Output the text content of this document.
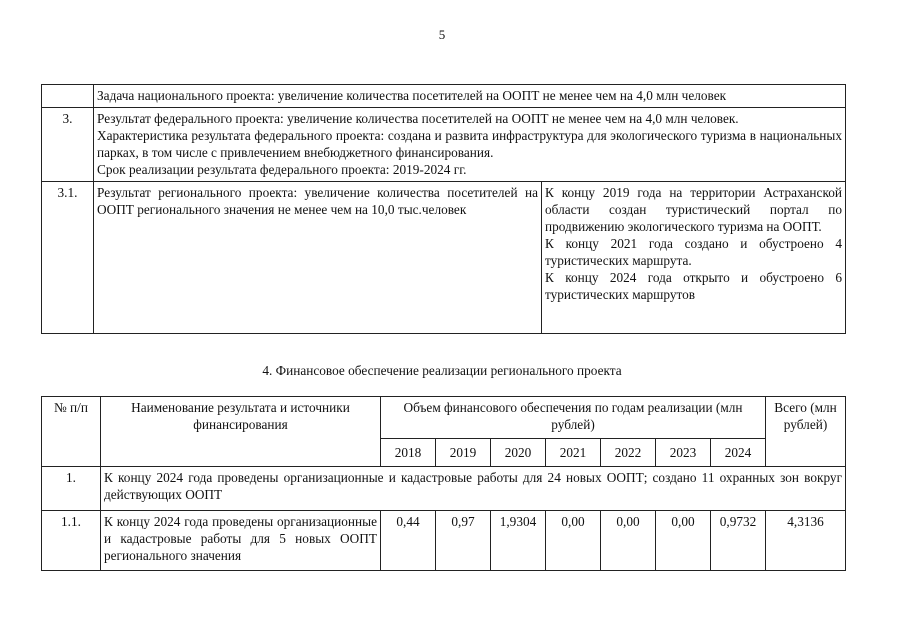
5
	Задача национального проекта: увеличение количества посетителей на ООПТ не менее чем на 4,0 млн человек	
3.	Результат федерального проекта: увеличение количества посетителей на ООПТ не менее чем на 4,0 млн человек.
Характеристика результата федерального проекта: создана и развита инфраструктура для экологического туризма в национальных парках, в том числе с привлечением внебюджетного финансирования.
Срок реализации результата федерального проекта: 2019-2024 гг.	

3.1.	Результат регионального проекта: увеличение количества посетителей на ООПТ регионального значения не менее чем на 10,0 тыс.человек	К концу 2019 года на территории Астраханской области создан туристический портал по продвижению экологического туризма на ООПТ.
К концу 2021 года создано и обустроено 4 туристических маршрута.
К концу 2024 года открыто и обустроено 6 туристических маршрутов
4. Финансовое обеспечение реализации регионального проекта
№ п/п	Наименование результата и источники финансирования	Объем финансового обеспечения по годам реализации (млн рублей)							Всего (млн рублей)
		2018	2019	2020	2021	2022	2023	2024	
1.	К концу 2024 года проведены организационные и кадастровые работы для 24 новых ООПТ; создано 11 охранных зон вокруг действующих ООПТ								
1.1.	К концу 2024 года проведены организационные и кадастровые работы для 5 новых ООПТ регионального значения	0,44	0,97	1,9304	0,00	0,00	0,00	0,9732	4,3136
